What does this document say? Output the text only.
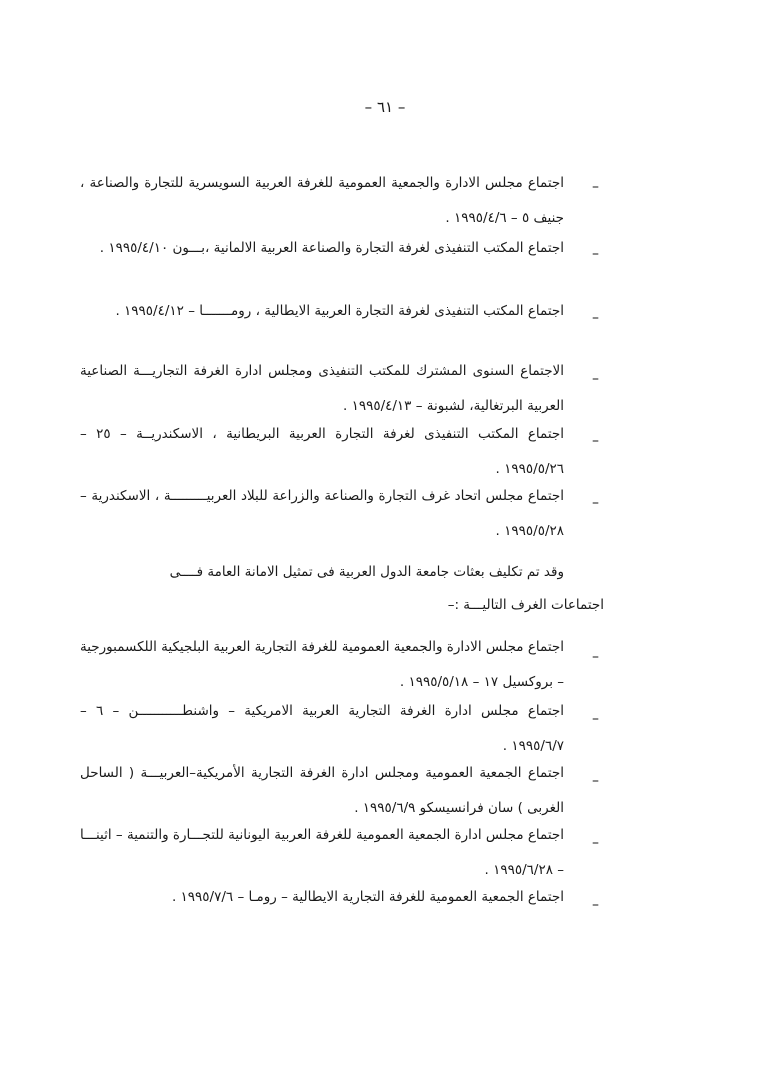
– ٦١ –
–
اجتماع مجلس الادارة والجمعية العمومية للغرفة العربية السويسرية للتجارة والصناعة ، جنيف ٥ – ١٩٩٥/٤/٦ .
–
اجتماع المكتب التنفيذى لغرفة التجارة والصناعة العربية الالمانية ،بـــون ١٩٩٥/٤/١٠ .
–
اجتماع المكتب التنفيذى لغرفة التجارة العربية الايطالية ، رومـــــــا – ١٩٩٥/٤/١٢ .
–
الاجتماع السنوى المشترك للمكتب التنفيذى ومجلس ادارة الغرفة التجاريـــة الصناعية العربية البرتغالية، لشبونة – ١٩٩٥/٤/١٣ .
–
اجتماع المكتب التنفيذى لغرفة التجارة العربية البريطانية ، الاسكندريــة – ٢٥ – ١٩٩٥/٥/٢٦ .
–
اجتماع مجلس اتحاد غرف التجارة والصناعة والزراعة للبلاد العربيـــــــــة ، الاسكندرية – ١٩٩٥/٥/٢٨ .
وقد تم تكليف بعثات جامعة الدول العربية فى تمثيل الامانة العامة فــــى
اجتماعات الغرف التاليـــة :–
–
اجتماع مجلس الادارة والجمعية العمومية للغرفة التجارية العربية البلجيكية اللكسمبورجية – بروكسيل ١٧ – ١٩٩٥/٥/١٨ .
–
اجتماع مجلس ادارة الغرفة التجارية العربية الامريكية – واشنطـــــــــــن – ٦ – ١٩٩٥/٦/٧ .
–
اجتماع الجمعية العمومية ومجلس ادارة الغرفة التجارية الأمريكية–العربيـــة ( الساحل الغربى ) سان فرانسيسكو ١٩٩٥/٦/٩ .
–
اجتماع مجلس ادارة الجمعية العمومية للغرفة العربية اليونانية للتجـــارة والتنمية – اثينـــا – ١٩٩٥/٦/٢٨ .
–
اجتماع الجمعية العمومية للغرفة التجارية الايطالية – رومـا – ١٩٩٥/٧/٦ .
